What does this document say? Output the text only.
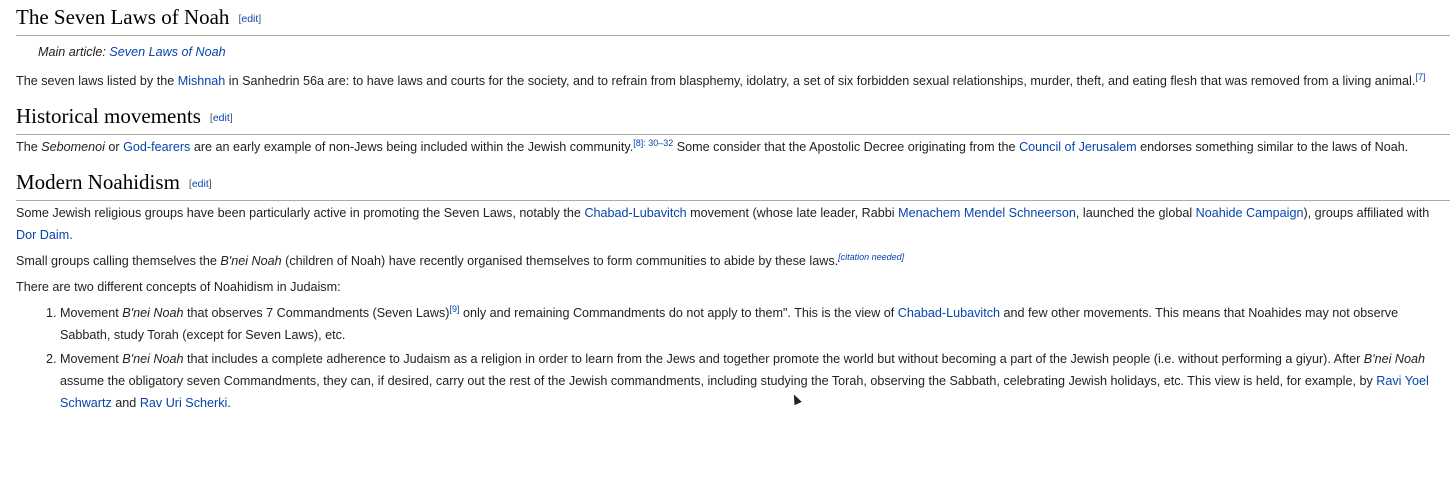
The Seven Laws of Noah [edit]

Main article: Seven Laws of Noah

The seven laws listed by the Mishnah in Sanhedrin 56a are: to have laws and courts for the society, and to refrain from blasphemy, idolatry, a set of six forbidden sexual relationships, murder, theft, and eating flesh that was removed from a living animal.[7]

Historical movements [edit]

The Sebomenoi or God-fearers are an early example of non-Jews being included within the Jewish community.$^{[8]: 30-32}$ Some consider that the Apostolic Decree originating from the Council of Jerusalem endorses something similar to the laws of Noah.

Modern Noahidism [edit]

Some Jewish religious groups have been particularly active in promoting the Seven Laws, notably the Chabad-Lubavitch movement (whose late leader, Rabbi Menachem Mendel Schneerson, launched the global Noahide Campaign), groups affiliated with Dor Daim.

Small groups calling themselves the B'nei Noah (children of Noah) have recently organised themselves to form communities to abide by these laws.[citation needed]

There are two different concepts of Noahidism in Judaism:

1. Movement B'nei Noah that observes 7 Commandments (Seven Laws)[9] only and remaining Commandments do not apply to them". This is the view of Chabad-Lubavitch and few other movements. This means that Noahides may not observe Sabbath, study Torah (except for Seven Laws), etc.
2. Movement B'nei Noah that includes a complete adherence to Judaism as a religion in order to learn from the Jews and together promote the world but without becoming a part of the Jewish people (i.e. without performing a giyur). After B'nei Noah assume the obligatory seven Commandments, they can, if desired, carry out the rest of the Jewish commandments, including studying the Torah, observing the Sabbath, celebrating Jewish holidays, etc. This view is held, for example, by Ravi Yoel Schwartz and Rav Uri Scherki.
